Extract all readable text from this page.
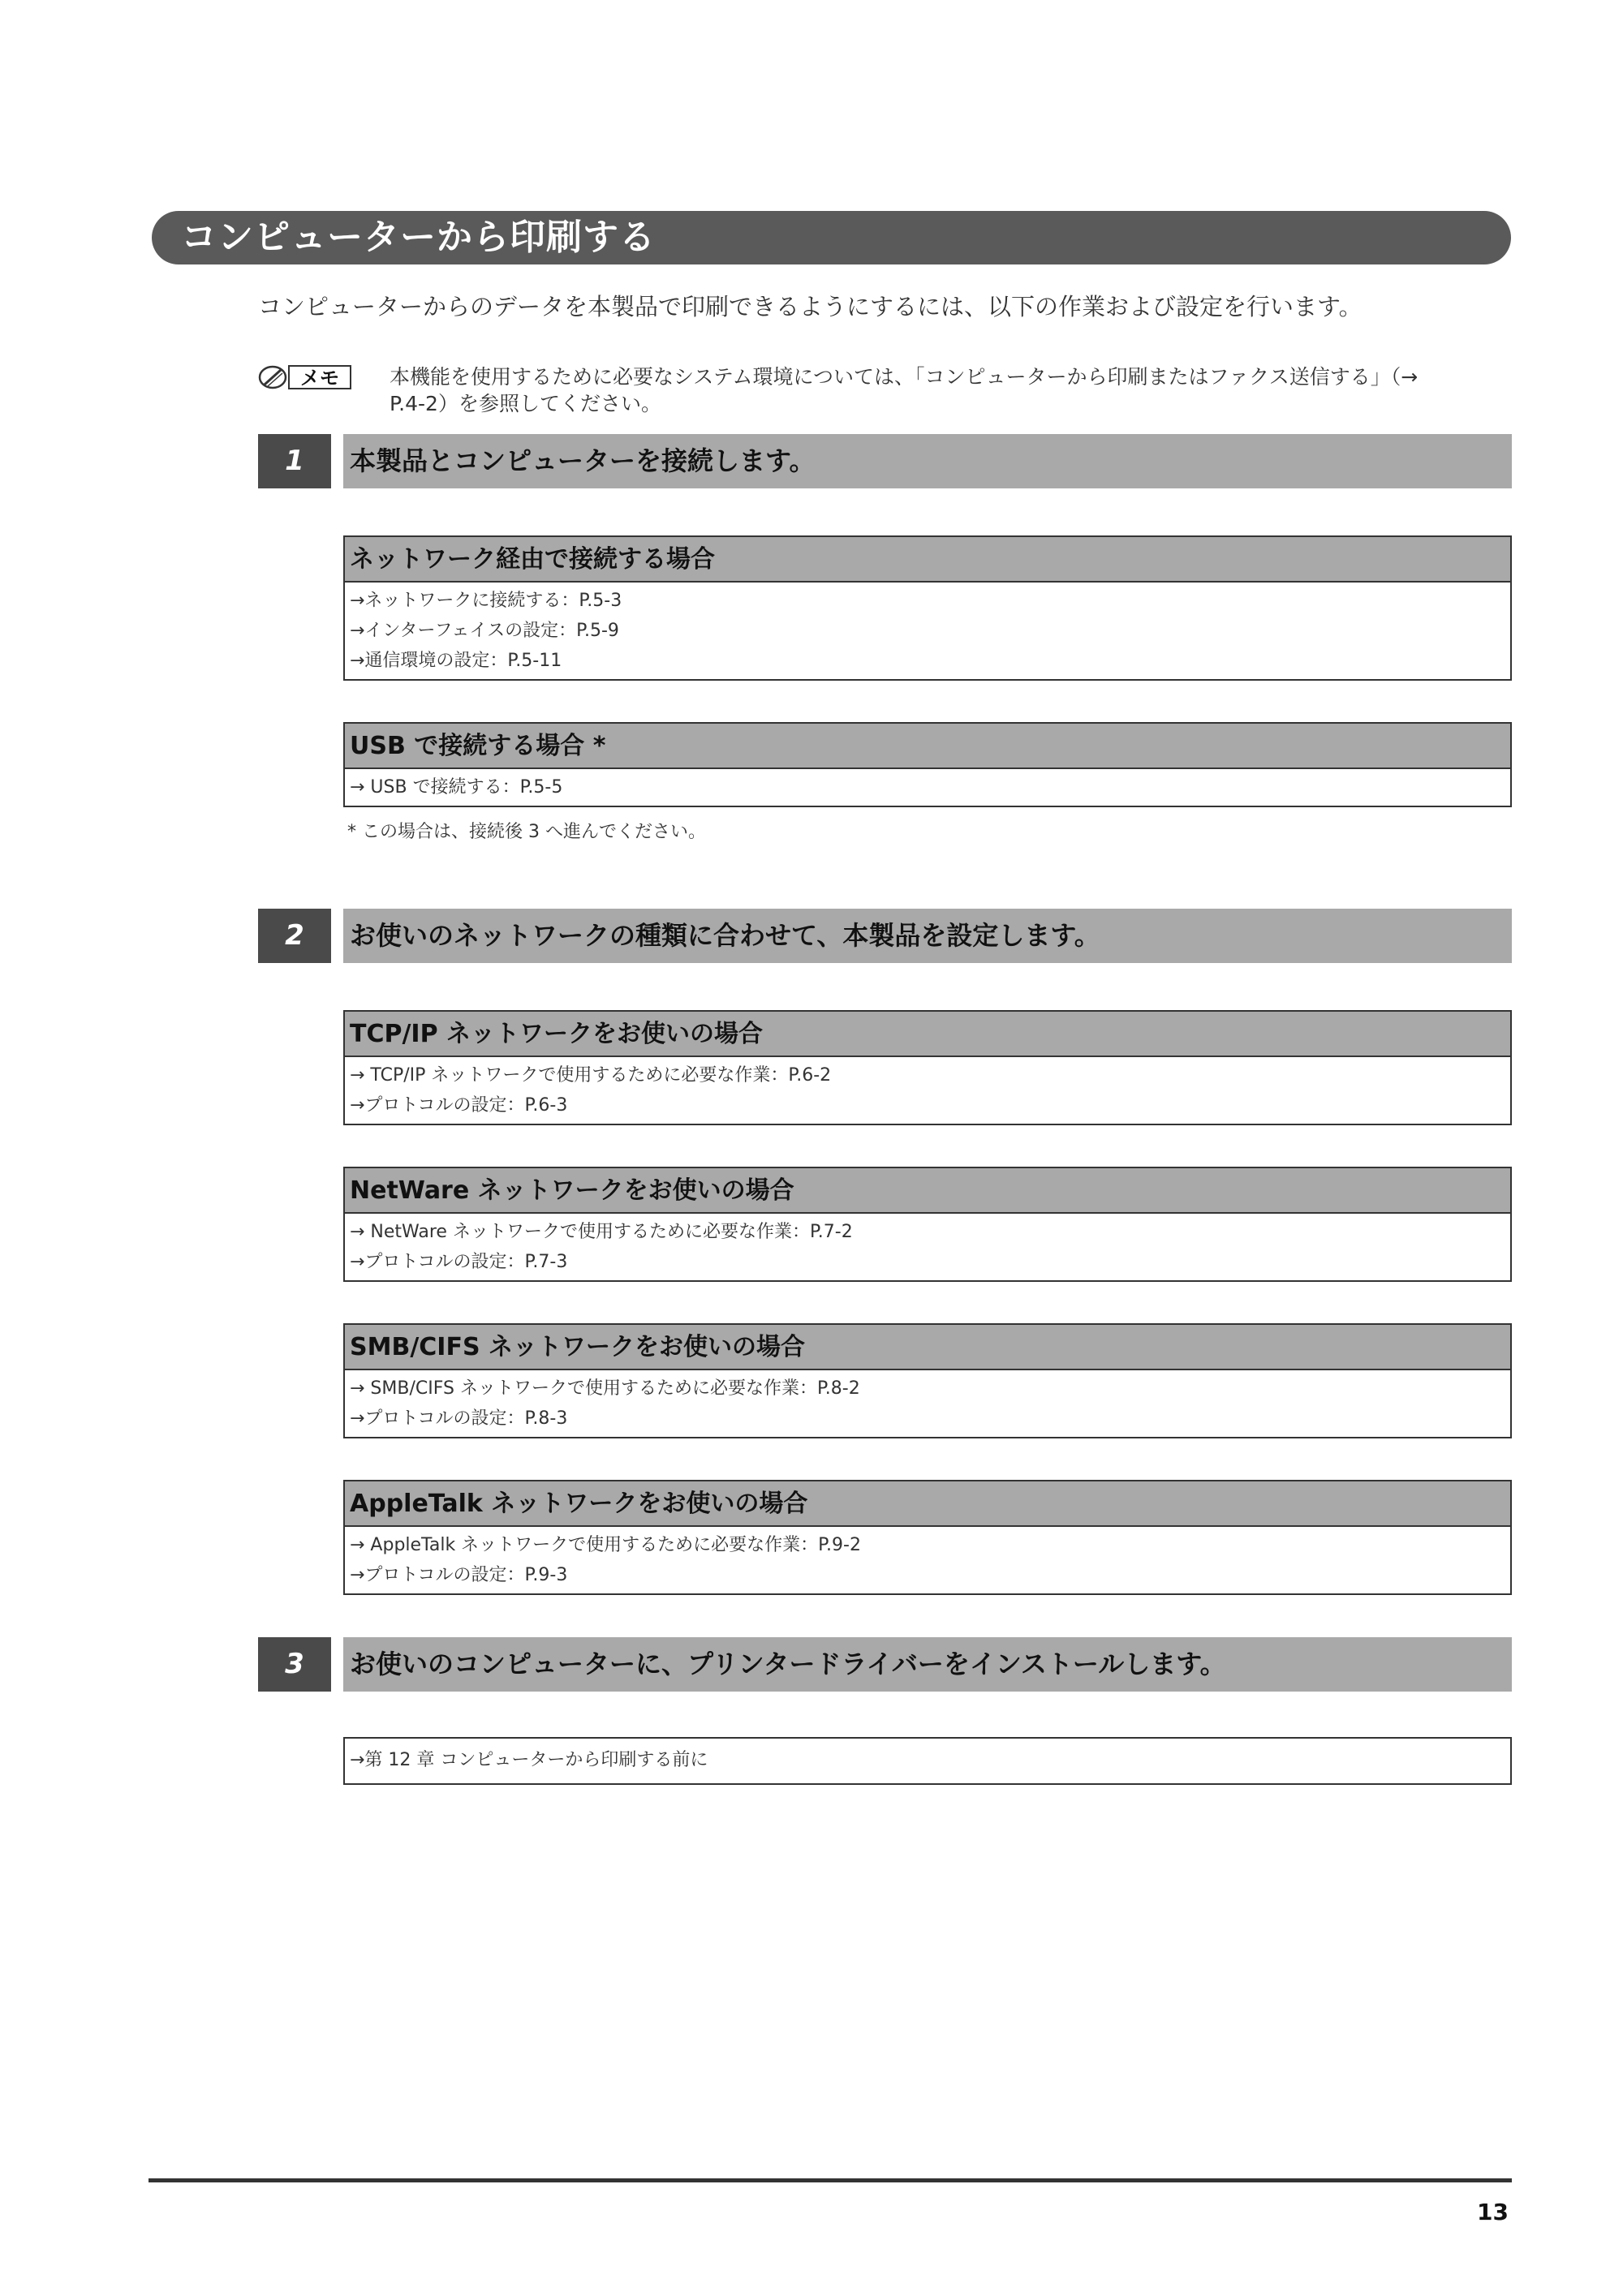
コンピューターから印刷する
コンピューターからのデータを本製品で印刷できるようにするには、以下の作業および設定を行います。
メモ 本機能を使用するために必要なシステム環境については、「コンピューターから印刷またはファクス送信する」（→
P.4-2）を参照してください。
1	本製品とコンピューターを接続します。
ネットワーク経由で接続する場合
→ネットワークに接続する：P.5-3
→インターフェイスの設定：P.5-9
→通信環境の設定：P.5-11
USB で接続する場合 *
→ USB で接続する：P.5-5
* この場合は、接続後 3 へ進んでください。
2	お使いのネットワークの種類に合わせて、本製品を設定します。
TCP/IP ネットワークをお使いの場合
→ TCP/IP ネットワークで使用するために必要な作業：P.6-2
→プロトコルの設定：P.6-3
NetWare ネットワークをお使いの場合
→ NetWare ネットワークで使用するために必要な作業：P.7-2
→プロトコルの設定：P.7-3
SMB/CIFS ネットワークをお使いの場合
→ SMB/CIFS ネットワークで使用するために必要な作業：P.8-2
→プロトコルの設定：P.8-3
AppleTalk ネットワークをお使いの場合
→ AppleTalk ネットワークで使用するために必要な作業：P.9-2
→プロトコルの設定：P.9-3
3	お使いのコンピューターに、プリンタードライバーをインストールします。
→第 12 章 コンピューターから印刷する前に
13
